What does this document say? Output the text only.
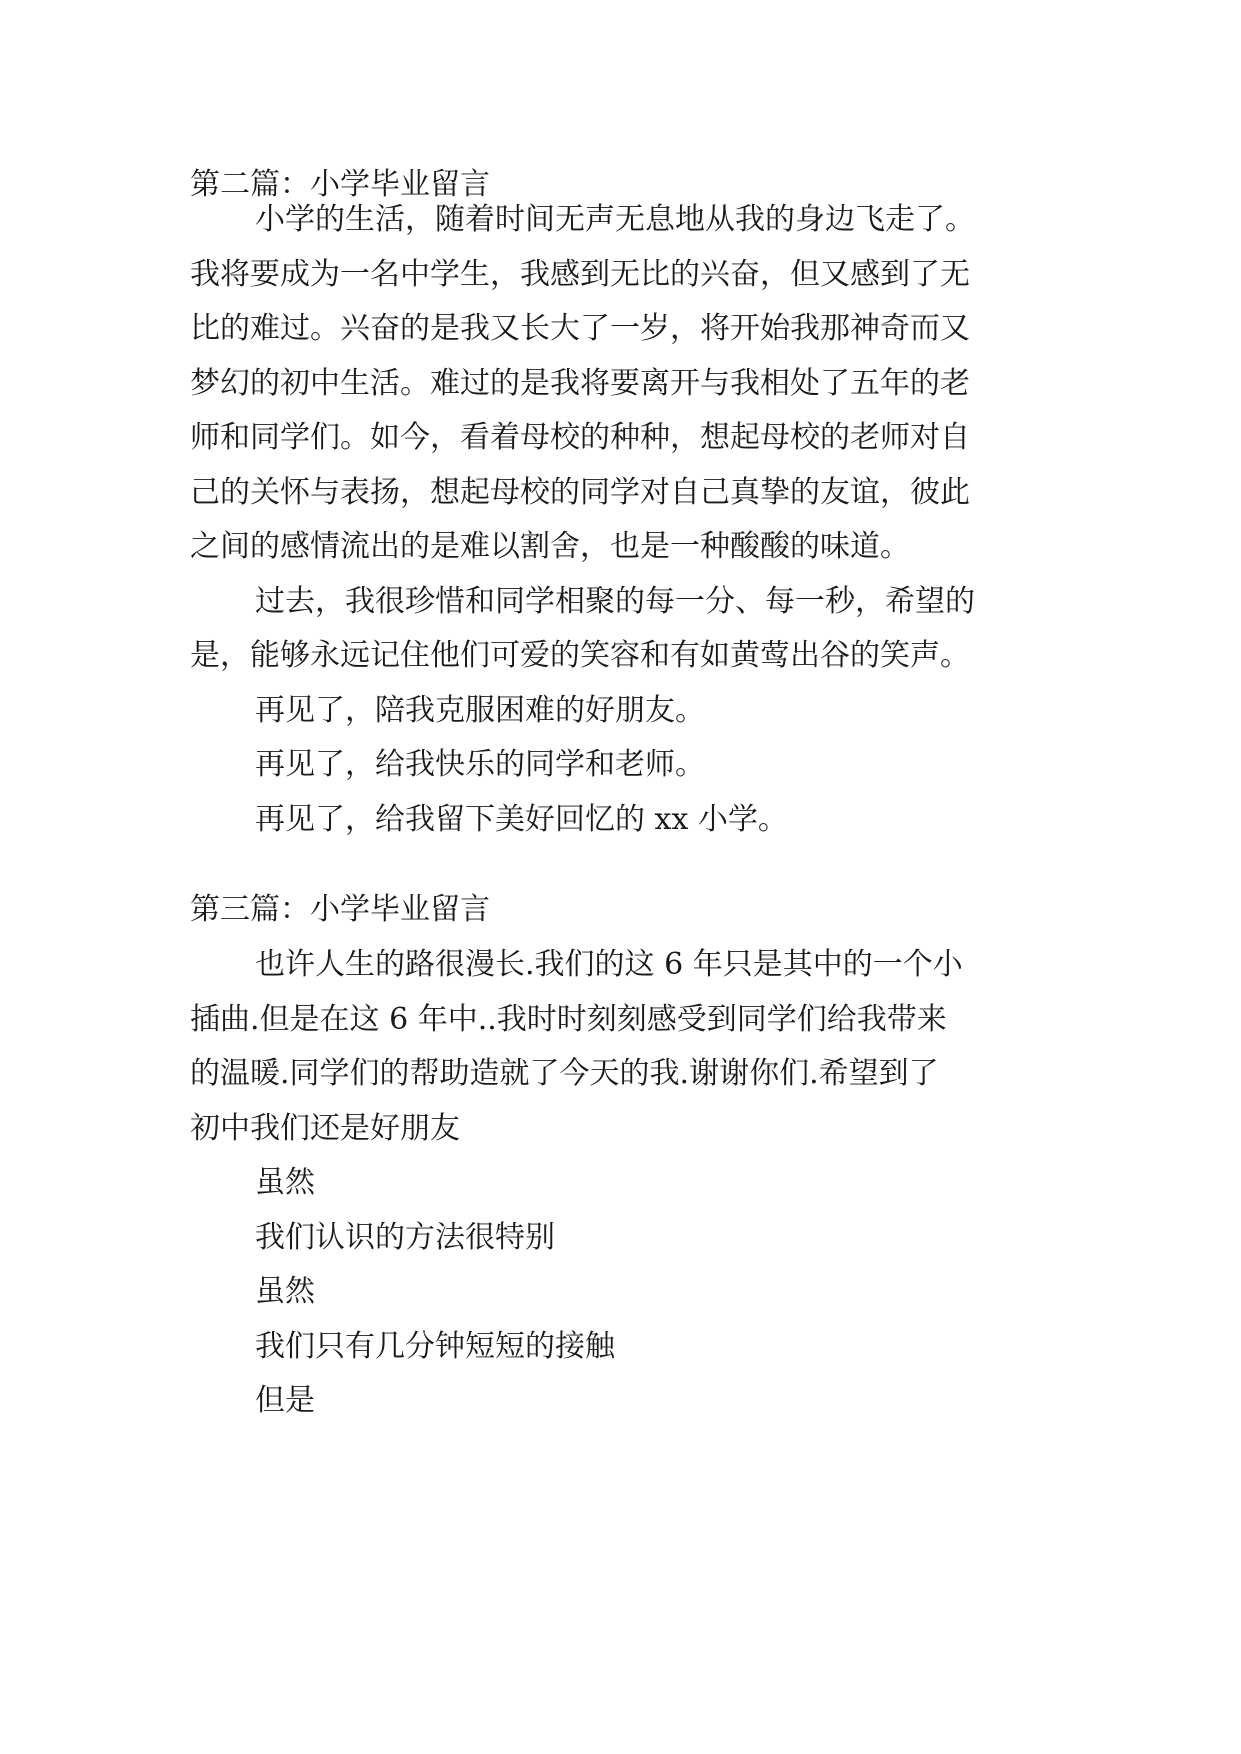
第二篇：小学毕业留言
小学的生活，随着时间无声无息地从我的身边飞走了。
我将要成为一名中学生，我感到无比的兴奋，但又感到了无
比的难过。兴奋的是我又长大了一岁，将开始我那神奇而又
梦幻的初中生活。难过的是我将要离开与我相处了五年的老
师和同学们。如今，看着母校的种种，想起母校的老师对自
己的关怀与表扬，想起母校的同学对自己真挚的友谊，彼此
之间的感情流出的是难以割舍，也是一种酸酸的味道。
过去，我很珍惜和同学相聚的每一分、每一秒，希望的
是，能够永远记住他们可爱的笑容和有如黄莺出谷的笑声。
再见了，陪我克服困难的好朋友。
再见了，给我快乐的同学和老师。
再见了，给我留下美好回忆的 xx 小学。
第三篇：小学毕业留言
也许人生的路很漫长.我们的这 6 年只是其中的一个小
插曲.但是在这 6 年中..我时时刻刻感受到同学们给我带来
的温暖.同学们的帮助造就了今天的我.谢谢你们.希望到了
初中我们还是好朋友
虽然
我们认识的方法很特别
虽然
我们只有几分钟短短的接触
但是
